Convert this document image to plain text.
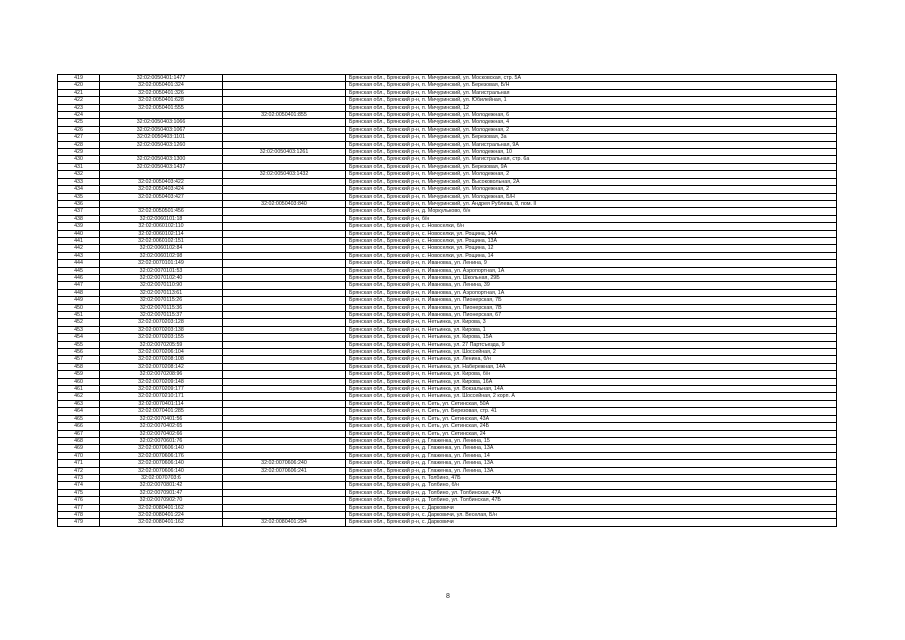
419	32:02:0050401:1477		Брянская обл., Брянский р-н, п. Мичуринский, ул. Московская, стр. 5А
420	32:02:0050401:324		Брянская обл., Брянский р-н, п. Мичуринский, ул. Березовая, Б/Н
421	32:02:0050401:326		Брянская обл., Брянский р-н, п. Мичуринский, ул. Магистральная
422	32:02:0050401:628		Брянская обл., Брянский р-н, п. Мичуринский, ул. Юбилейная, 1
423	32:02:0050401:555		Брянская обл., Брянский р-н, п. Мичуринский, 12
424		32:02:0050401:855	Брянская обл., Брянский р-н, п. Мичуринский, ул. Молодежная, 6
425	32:02:0050403:1066		Брянская обл., Брянский р-н, п. Мичуринский, ул. Молодежная, 4
426	32:02:0050403:1067		Брянская обл., Брянский р-н, п. Мичуринский, ул. Молодежная, 2
427	32:02:0050403:1101		Брянская обл., Брянский р-н, п. Мичуринский, ул. Березовая, 3а
428	32:02:0050403:1260		Брянская обл., Брянский р-н, п. Мичуринский, ул. Магистральная, 9А
429		32:02:0050403:1261	Брянская обл., Брянский р-н, п. Мичуринский, ул. Молодежная, 10
430	32:02:0050403:1300		Брянская обл., Брянский р-н, п. Мичуринский, ул. Магистральная, стр. 6а
431	32:02:0050403:1437		Брянская обл., Брянский р-н, п. Мичуринский, ул. Березовая, 9А
432		32:02:0050403:1432	Брянская обл., Брянский р-н, п. Мичуринский, ул. Молодежная, 2
433	32:02:0050403:422		Брянская обл., Брянский р-н, п. Мичуринский, ул. Высоковольная, 2А
434	32:02:0050403:424		Брянская обл., Брянский р-н, п. Мичуринский, ул. Молодежная, 2
435	32:02:0050403:427		Брянская обл., Брянский р-н, п. Мичуринский, ул. Молодежная, Б/Н
436		32:02:0050403:840	Брянская обл., Брянский р-н, п. Мичуринский, ул. Андрея Рублева, 8, пом. II
437	32:02:0050501:456		Брянская обл., Брянский р-н, д. Моркульково, б/н
438	32:02:0060101:18		Брянская обл., Брянский р-н, б/н
439	32:02:0060102:110		Брянская обл., Брянский р-н, с. Новоселки, б/н
440	32:02:0060102:114		Брянская обл., Брянский р-н, с. Новоселки, ул. Рощина, 14А
441	32:02:0060102:151		Брянская обл., Брянский р-н, с. Новоселки, ул. Рощина, 13А
442	32:02:0060102:84		Брянская обл., Брянский р-н, с. Новоселки, ул. Рощина, 12
443	32:02:0060102:98		Брянская обл., Брянский р-н, с. Новоселки, ул. Рощина, 14
444	32:02:0070101:149		Брянская обл., Брянский р-н, п. Ивановка, ул. Ленина, 9
445	32:02:0070101:53		Брянская обл., Брянский р-н, п. Ивановка, ул. Аэропортная, 1А
446	32:02:0070102:40		Брянская обл., Брянский р-н, п. Ивановка, ул. Школьная, 29Б
447	32:02:0070110:90		Брянская обл., Брянский р-н, п. Ивановка, ул. Ленина, 39
448	32:02:0070113:61		Брянская обл., Брянский р-н, п. Ивановка, ул. Аэропортная, 1А
449	32:02:0070115:26		Брянская обл., Брянский р-н, п. Ивановка, ул. Пионерская, 7Б
450	32:02:0070115:36		Брянская обл., Брянский р-н, п. Ивановка, ул. Пионерская, 7В
451	32:02:0070115:37		Брянская обл., Брянский р-н, п. Ивановка, ул. Пионерская, 67
452	32:02:0070203:128		Брянская обл., Брянский р-н, п. Нетьинка, ул. Кирова, 3
453	32:02:0070203:138		Брянская обл., Брянский р-н, п. Нетьинка, ул. Кирова, 1
454	32:02:0070203:155		Брянская обл., Брянский р-н, п. Нетьинка, ул. Кирова, 15А
455	32:02:0070205:59		Брянская обл., Брянский р-н, п. Нетьинка, ул. 27 Партсъезда, 9
456	32:02:0070206:104		Брянская обл., Брянский р-н, п. Нетьинка, ул. Шоссейная, 2
457	32:02:0070208:108		Брянская обл., Брянский р-н, п. Нетьинка, ул. Ленина, б/н
458	32:02:0070208:142		Брянская обл., Брянский р-н, п. Нетьинка, ул. Набережная, 14А
459	32:02:0070208:96		Брянская обл., Брянский р-н, п. Нетьинка, ул. Кирова, б/н
460	32:02:0070209:148		Брянская обл., Брянский р-н, п. Нетьинка, ул. Кирова, 16А
461	32:02:0070209:177		Брянская обл., Брянский р-н, п. Нетьинка, ул. Вокзальная, 14А
462	32:02:0070210:171		Брянская обл., Брянский р-н, п. Нетьинка, ул. Шоссейная, 2 корп. А
463	32:02:0070401:114		Брянская обл., Брянский р-н, п. Сеть, ул. Сетинская, 50А
464	32:02:0070401:285		Брянская обл., Брянский р-н, п. Сеть, ул. Березовая, стр. 41
465	32:02:0070401:56		Брянская обл., Брянский р-н, п. Сеть, ул. Сетинская, 43А
466	32:02:0070402:65		Брянская обл., Брянский р-н, п. Сеть, ул. Сетинская, 24Б
467	32:02:0070402:66		Брянская обл., Брянский р-н, п. Сеть, ул. Сетинская, 24
468	32:02:0070601:76		Брянская обл., Брянский р-н, д. Глаженка, ул. Ленина, 15
469	32:02:0070606:140		Брянская обл., Брянский р-н, д. Глаженка, ул. Ленина, 13А
470	32:02:0070606:176		Брянская обл., Брянский р-н, д. Глаженка, ул. Ленина, 14
471	32:02:0070606:140	32:02:0070606:240	Брянская обл., Брянский р-н, д. Глаженка, ул. Ленина, 13А
472	32:02:0070606:140	32:02:0070606:241	Брянская обл., Брянский р-н, д. Глаженка, ул. Ленина, 13А
473	32:02:0070703:6		Брянская обл., Брянский р-н, п. Толбино, 47Б
474	32:02:0070801:42		Брянская обл., Брянский р-н, д. Толбино, б/н
475	32:02:0070901:47		Брянская обл., Брянский р-н, д. Толбино, ул. Толбинская, 47А
476	32:02:0070902:70		Брянская обл., Брянский р-н, д. Толбино, ул. Толбинская, 47Б
477	32:02:0080401:162		Брянская обл., Брянский р-н, с. Дарковичи
478	32:02:0080401:224		Брянская обл., Брянский р-н, с. Дарковичи, ул. Веселая, Б/н
479	32:02:0080401:162	32:02:0080401:294	Брянская обл., Брянский р-н, с. Дарковичи
8
